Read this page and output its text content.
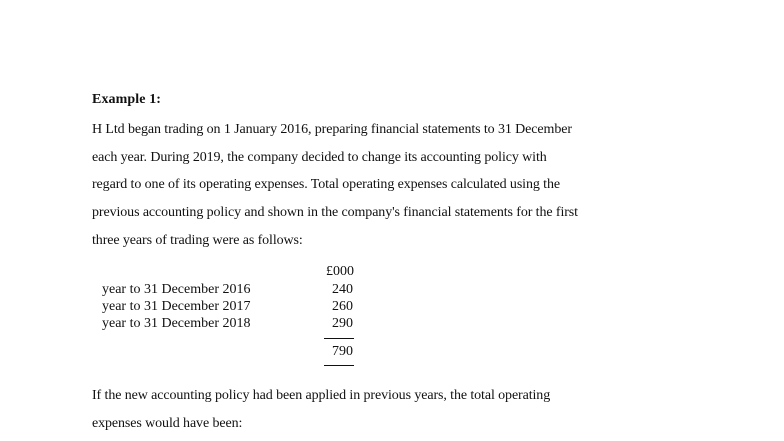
Example 1:
H Ltd began trading on 1 January 2016, preparing financial statements to 31 December
each year. During 2019, the company decided to change its accounting policy with
regard to one of its operating expenses. Total operating expenses calculated using the
previous accounting policy and shown in the company's financial statements for the first
three years of trading were as follows:
£000
year to 31 December 2016	240
year to 31 December 2017	260
year to 31 December 2018	290
790
If the new accounting policy had been applied in previous years, the total operating
expenses would have been:
